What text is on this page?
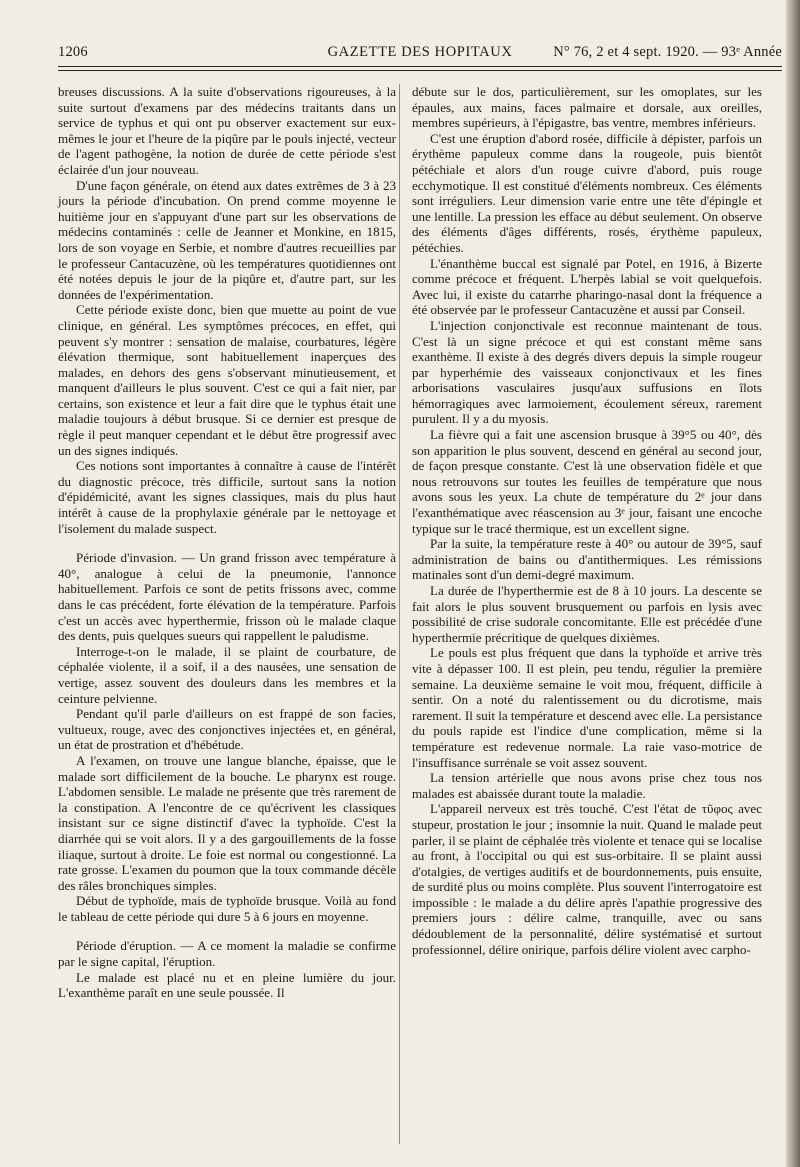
1206	GAZETTE DES HOPITAUX	N° 76, 2 et 4 sept. 1920. — 93ᵉ Année

breuses discussions. A la suite d'observations rigoureuses, à la suite surtout d'examens par des médecins traitants dans un service de typhus et qui ont pu observer exactement sur eux-mêmes le jour et l'heure de la piqûre par le pouls injecté, vecteur de l'agent pathogène, la notion de durée de cette période s'est éclairée d'un jour nouveau.

D'une façon générale, on étend aux dates extrêmes de 3 à 23 jours la période d'incubation. On prend comme moyenne le huitième jour en s'appuyant d'une part sur les observations de médecins contaminés : celle de Jeanner et Monkine, en 1815, lors de son voyage en Serbie, et nombre d'autres recueillies par le professeur Cantacuzène, où les températures quotidiennes ont été notées depuis le jour de la piqûre et, d'autre part, sur les données de l'expérimentation.

Cette période existe donc, bien que muette au point de vue clinique, en général. Les symptômes précoces, en effet, qui peuvent s'y montrer : sensation de malaise, courbatures, légère élévation thermique, sont habituellement inaperçues des malades, en dehors des gens s'observant minutieusement, et manquent d'ailleurs le plus souvent. C'est ce qui a fait nier, par certains, son existence et leur a fait dire que le typhus était une maladie toujours à début brusque. Si ce dernier est presque de règle il peut manquer cependant et le début être progressif avec un des signes indiqués.

Ces notions sont importantes à connaître à cause de l'intérêt du diagnostic précoce, très difficile, surtout sans la notion d'épidémicité, avant les signes classiques, mais du plus haut intérêt à cause de la prophylaxie générale par le nettoyage et l'isolement du malade suspect.

Période d'invasion. — Un grand frisson avec température à 40°, analogue à celui de la pneumonie, l'annonce habituellement. Parfois ce sont de petits frissons avec, comme dans le cas précédent, forte élévation de la température. Parfois c'est un accès avec hyperthermie, frisson où le malade claque des dents, puis quelques sueurs qui rappellent le paludisme.

Interroge-t-on le malade, il se plaint de courbature, de céphalée violente, il a soif, il a des nausées, une sensation de vertige, assez souvent des douleurs dans les membres et la ceinture pelvienne.

Pendant qu'il parle d'ailleurs on est frappé de son facies, vultueux, rouge, avec des conjonctives injectées et, en général, un état de prostration et d'hébétude.

A l'examen, on trouve une langue blanche, épaisse, que le malade sort difficilement de la bouche. Le pharynx est rouge. L'abdomen sensible. Le malade ne présente que très rarement de la constipation. A l'encontre de ce qu'écrivent les classiques insistant sur ce signe distinctif d'avec la typhoïde. C'est la diarrhée qui se voit alors. Il y a des gargouillements de la fosse iliaque, surtout à droite. Le foie est normal ou congestionné. La rate grosse. L'examen du poumon que la toux commande décèle des râles bronchiques simples.

Début de typhoïde, mais de typhoïde brusque. Voilà au fond le tableau de cette période qui dure 5 à 6 jours en moyenne.

Période d'éruption. — A ce moment la maladie se confirme par le signe capital, l'éruption.

Le malade est placé nu et en pleine lumière du jour. L'exanthème paraît en une seule poussée. Il

débute sur le dos, particulièrement, sur les omoplates, sur les épaules, aux mains, faces palmaire et dorsale, aux oreilles, membres supérieurs, à l'épigastre, bas ventre, membres inférieurs.

C'est une éruption d'abord rosée, difficile à dépister, parfois un érythème papuleux comme dans la rougeole, puis bientôt pétéchiale et alors d'un rouge cuivre d'abord, puis rouge ecchymotique. Il est constitué d'éléments nombreux. Ces éléments sont irréguliers. Leur dimension varie entre une tête d'épingle et une lentille. La pression les efface au début seulement. On observe des éléments d'âges différents, rosés, érythème papuleux, pétéchies.

L'énanthème buccal est signalé par Potel, en 1916, à Bizerte comme précoce et fréquent. L'herpès labial se voit quelquefois. Avec lui, il existe du catarrhe pharingo-nasal dont la fréquence a été observée par le professeur Cantacuzène et aussi par Conseil.

L'injection conjonctivale est reconnue maintenant de tous. C'est là un signe précoce et qui est constant même sans exanthème. Il existe à des degrés divers depuis la simple rougeur par hyperhémie des vaisseaux conjonctivaux et les fines arborisations vasculaires jusqu'aux suffusions en îlots hémorragiques avec larmoiement, écoulement séreux, rarement purulent. Il y a du myosis.

La fièvre qui a fait une ascension brusque à 39°5 ou 40°, dès son apparition le plus souvent, descend en général au second jour, de façon presque constante. C'est là une observation fidèle et que nous retrouvons sur toutes les feuilles de température que nous avons sous les yeux. La chute de température du 2ᵉ jour dans l'exanthématique avec réascension au 3ᵉ jour, faisant une encoche typique sur le tracé thermique, est un excellent signe.

Par la suite, la température reste à 40° ou autour de 39°5, sauf administration de bains ou d'antithermiques. Les rémissions matinales sont d'un demi-degré maximum.

La durée de l'hyperthermie est de 8 à 10 jours. La descente se fait alors le plus souvent brusquement ou parfois en lysis avec possibilité de crise sudorale concomitante. Elle est précédée d'une hyperthermie précritique de quelques dixièmes.

Le pouls est plus fréquent que dans la typhoïde et arrive très vite à dépasser 100. Il est plein, peu tendu, régulier la première semaine. La deuxième semaine le voit mou, fréquent, difficile à sentir. On a noté du ralentissement ou du dicrotisme, mais rarement. Il suit la température et descend avec elle. La persistance du pouls rapide est l'indice d'une complication, même si la température est redevenue normale. La raie vaso-motrice de l'insuffisance surrénale se voit assez souvent.

La tension artérielle que nous avons prise chez tous nos malades est abaissée durant toute la maladie.

L'appareil nerveux est très touché. C'est l'état de τῦφος avec stupeur, prostation le jour ; insomnie la nuit. Quand le malade peut parler, il se plaint de céphalée très violente et tenace qui se localise au front, à l'occipital ou qui est sus-orbitaire. Il se plaint aussi d'otalgies, de vertiges auditifs et de bourdonnements, puis ensuite, de surdité plus ou moins complète. Plus souvent l'interrogatoire est impossible : le malade a du délire après l'apathie progressive des premiers jours : délire calme, tranquille, avec ou sans dédoublement de la personnalité, délire systématisé et surtout professionnel, délire onirique, parfois délire violent avec carpho-
